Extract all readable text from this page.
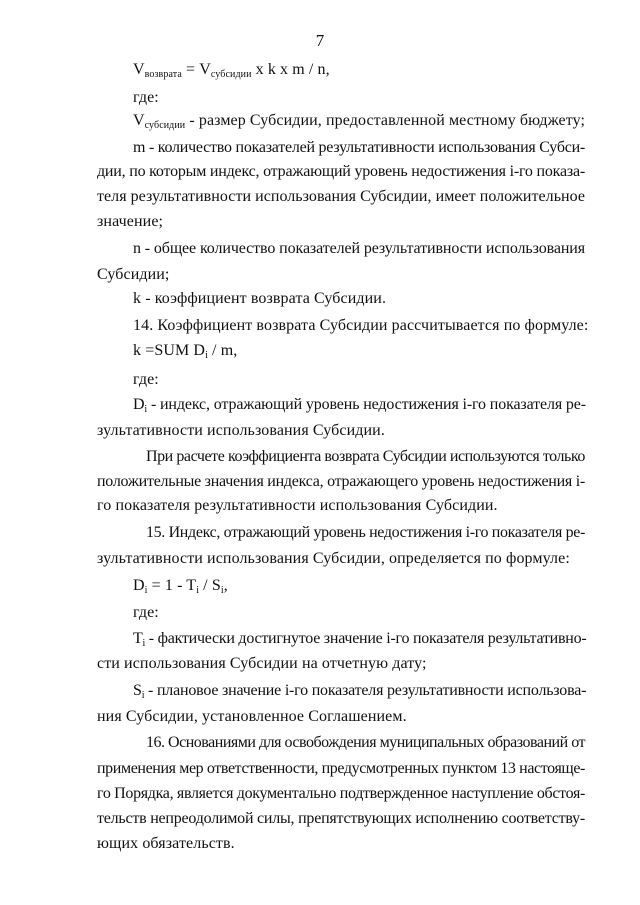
7
$V_{возврата} = V_{субсидии}$ x k x m / n,
где:
$V_{субсидии}$ - размер Субсидии, предоставленной местному бюджету;
m - количество показателей результативности использования Субси-
дии, по которым индекс, отражающий уровень недостижения i-го показа-
теля результативности использования Субсидии, имеет положительное
значение;
n - общее количество показателей результативности использования
Субсидии;
k - коэффициент возврата Субсидии.
14. Коэффициент возврата Субсидии рассчитывается по формуле:
k =SUM $D_i$ / m,
где:
$D_i$ - индекс, отражающий уровень недостижения i-го показателя ре-
зультативности использования Субсидии.
При расчете коэффициента возврата Субсидии используются только
положительные значения индекса, отражающего уровень недостижения i-
го показателя результативности использования Субсидии.
15. Индекс, отражающий уровень недостижения i-го показателя ре-
зультативности использования Субсидии, определяется по формуле:
$D_i = 1 - T_i / S_i$,
где:
$T_i$ - фактически достигнутое значение i-го показателя результативно-
сти использования Субсидии на отчетную дату;
$S_i$ - плановое значение i-го показателя результативности использова-
ния Субсидии, установленное Соглашением.
16. Основаниями для освобождения муниципальных образований от
применения мер ответственности, предусмотренных пунктом 13 настояще-
го Порядка, является документально подтвержденное наступление обстоя-
тельств непреодолимой силы, препятствующих исполнению соответству-
ющих обязательств.
